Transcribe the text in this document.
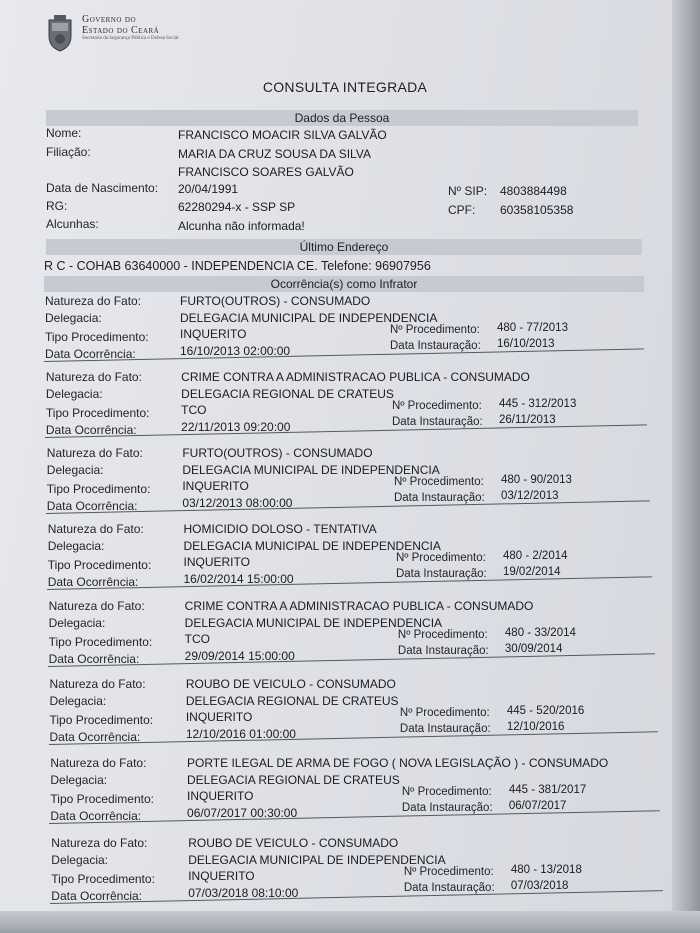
Governo do
Estado do Ceará
Secretaria da Segurança Pública e Defesa Social
CONSULTA INTEGRADA
Dados da Pessoa
Nome:	FRANCISCO MOACIR SILVA GALVÃO
Filiação:	MARIA DA CRUZ SOUSA DA SILVA
FRANCISCO SOARES GALVÃO
Data de Nascimento: 20/04/1991	Nº SIP: 4803884498
RG:	62280294-x - SSP SP	CPF: 60358105358
Alcunhas:	Alcunha não informada!
Último Endereço
R C - COHAB 63640000 - INDEPENDENCIA CE. Telefone: 96907956
Ocorrência(s) como Infrator
Natureza do Fato:	FURTO(OUTROS) - CONSUMADO
Delegacia:	DELEGACIA MUNICIPAL DE INDEPENDENCIA
Tipo Procedimento:	INQUERITO
Data Ocorrência:	16/10/2013 02:00:00
Nº Procedimento: 480 - 77/2013
Data Instauração: 16/10/2013
Natureza do Fato:	CRIME CONTRA A ADMINISTRACAO PUBLICA - CONSUMADO
Delegacia:	DELEGACIA REGIONAL DE CRATEUS
Tipo Procedimento:	TCO
Data Ocorrência:	22/11/2013 09:20:00
Nº Procedimento: 445 - 312/2013
Data Instauração: 26/11/2013
Natureza do Fato:	FURTO(OUTROS) - CONSUMADO
Delegacia:	DELEGACIA MUNICIPAL DE INDEPENDENCIA
Tipo Procedimento:	INQUERITO
Data Ocorrência:	03/12/2013 08:00:00
Nº Procedimento: 480 - 90/2013
Data Instauração: 03/12/2013
Natureza do Fato:	HOMICIDIO DOLOSO - TENTATIVA
Delegacia:	DELEGACIA MUNICIPAL DE INDEPENDENCIA
Tipo Procedimento:	INQUERITO
Data Ocorrência:	16/02/2014 15:00:00
Nº Procedimento: 480 - 2/2014
Data Instauração: 19/02/2014
Natureza do Fato:	CRIME CONTRA A ADMINISTRACAO PUBLICA - CONSUMADO
Delegacia:	DELEGACIA MUNICIPAL DE INDEPENDENCIA
Tipo Procedimento:	TCO
Data Ocorrência:	29/09/2014 15:00:00
Nº Procedimento: 480 - 33/2014
Data Instauração: 30/09/2014
Natureza do Fato:	ROUBO DE VEICULO - CONSUMADO
Delegacia:	DELEGACIA REGIONAL DE CRATEUS
Tipo Procedimento:	INQUERITO
Data Ocorrência:	12/10/2016 01:00:00
Nº Procedimento: 445 - 520/2016
Data Instauração: 12/10/2016
Natureza do Fato:	PORTE ILEGAL DE ARMA DE FOGO ( NOVA LEGISLAÇÃO ) - CONSUMADO
Delegacia:	DELEGACIA REGIONAL DE CRATEUS
Tipo Procedimento:	INQUERITO
Data Ocorrência:	06/07/2017 00:30:00
Nº Procedimento: 445 - 381/2017
Data Instauração: 06/07/2017
Natureza do Fato:	ROUBO DE VEICULO - CONSUMADO
Delegacia:	DELEGACIA MUNICIPAL DE INDEPENDENCIA
Tipo Procedimento:	INQUERITO
Data Ocorrência:	07/03/2018 08:10:00
Nº Procedimento: 480 - 13/2018
Data Instauração: 07/03/2018
